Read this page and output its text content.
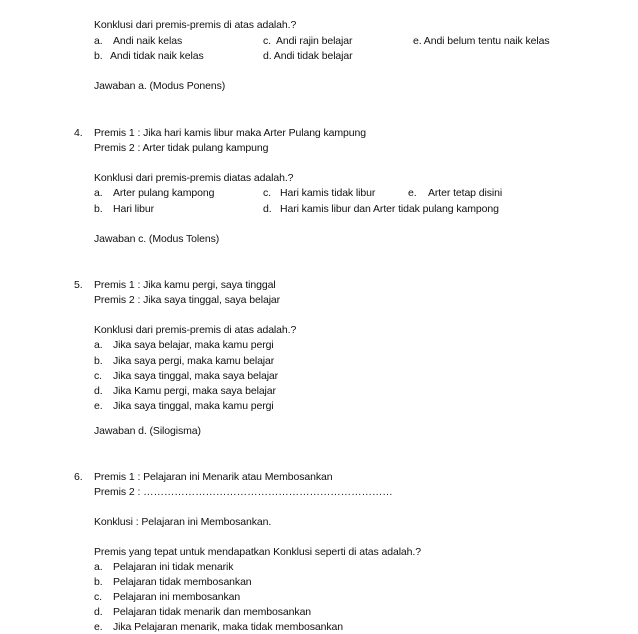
Konklusi dari premis-premis di atas adalah.?
a. Andi naik kelas	c. Andi rajin belajar	e. Andi belum tentu naik kelas
b. Andi tidak naik kelas	d. Andi tidak belajar
Jawaban a. (Modus Ponens)
4. Premis 1 : Jika hari kamis libur maka Arter Pulang kampung
Premis 2 : Arter tidak pulang kampung
Konklusi dari premis-premis diatas adalah.?
a. Arter pulang kampong	c. Hari kamis tidak libur	e. Arter tetap disini
b. Hari libur	d. Hari kamis libur dan Arter tidak pulang kampong
Jawaban c. (Modus Tolens)
5. Premis 1 : Jika kamu pergi, saya tinggal
Premis 2 : Jika saya tinggal, saya belajar
Konklusi dari premis-premis di atas adalah.?
a. Jika saya belajar, maka kamu pergi
b. Jika saya pergi, maka kamu belajar
c. Jika saya tinggal, maka saya belajar
d. Jika Kamu pergi, maka saya belajar
e. Jika saya tinggal, maka kamu pergi
Jawaban d. (Silogisma)
6. Premis 1 : Pelajaran ini Menarik atau Membosankan
Premis 2 : ………………………………………………………………
Konklusi : Pelajaran ini Membosankan.
Premis yang tepat untuk mendapatkan Konklusi seperti di atas adalah.?
a. Pelajaran ini tidak menarik
b. Pelajaran tidak membosankan
c. Pelajaran ini membosankan
d. Pelajaran tidak menarik dan membosankan
e. Jika Pelajaran menarik, maka tidak membosankan
